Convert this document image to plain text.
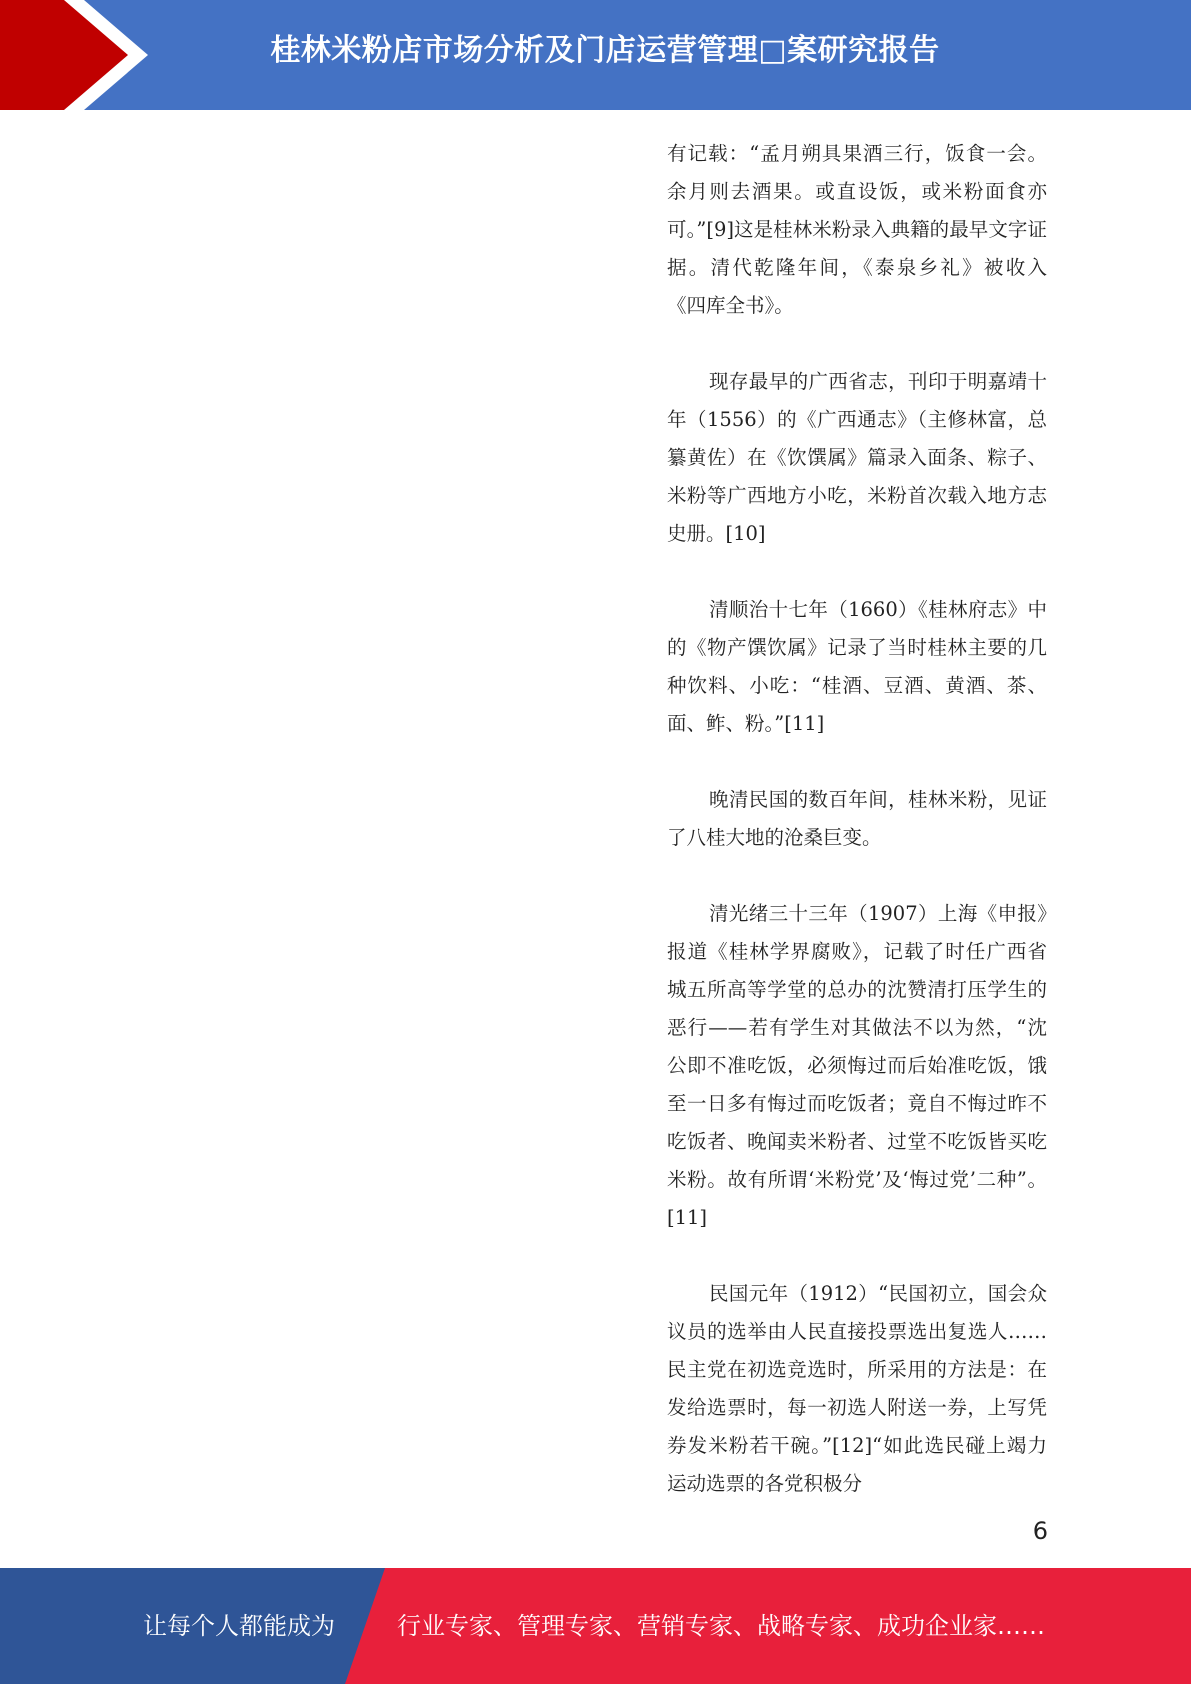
桂林米粉店市场分析及门店运营管理□案研究报告

有记载：“孟月朔具果酒三行，饭食一会。余月则去酒果。或直设饭，或米粉面食亦可。”[9]这是桂林米粉录入典籍的最早文字证据。清代乾隆年间，《泰泉乡礼》被收入《四库全书》。

现存最早的广西省志，刊印于明嘉靖十年（1556）的《广西通志》（主修林富，总纂黄佐）在《饮馔属》篇录入面条、粽子、米粉等广西地方小吃，米粉首次载入地方志史册。[10]

清顺治十七年（1660）《桂林府志》中的《物产馔饮属》记录了当时桂林主要的几种饮料、小吃：“桂酒、豆酒、黄酒、茶、面、鲊、粉。”[11]

晚清民国的数百年间，桂林米粉，见证了八桂大地的沧桑巨变。

清光绪三十三年（1907）上海《申报》报道《桂林学界腐败》，记载了时任广西省城五所高等学堂的总办的沈赞清打压学生的恶行——若有学生对其做法不以为然，“沈公即不准吃饭，必须悔过而后始准吃饭，饿至一日多有悔过而吃饭者；竟自不悔过昨不吃饭者、晚闻卖米粉者、过堂不吃饭皆买吃米粉。故有所谓‘米粉党’及‘悔过党’二种”。[11]

民国元年（1912）“民国初立，国会众议员的选举由人民直接投票选出复选人……民主党在初选竞选时，所采用的方法是：在发给选票时，每一初选人附送一券，上写凭券发米粉若干碗。”[12]“如此选民碰上竭力运动选票的各党积极分

6
让每个人都能成为	行业专家、管理专家、营销专家、战略专家、成功企业家……
